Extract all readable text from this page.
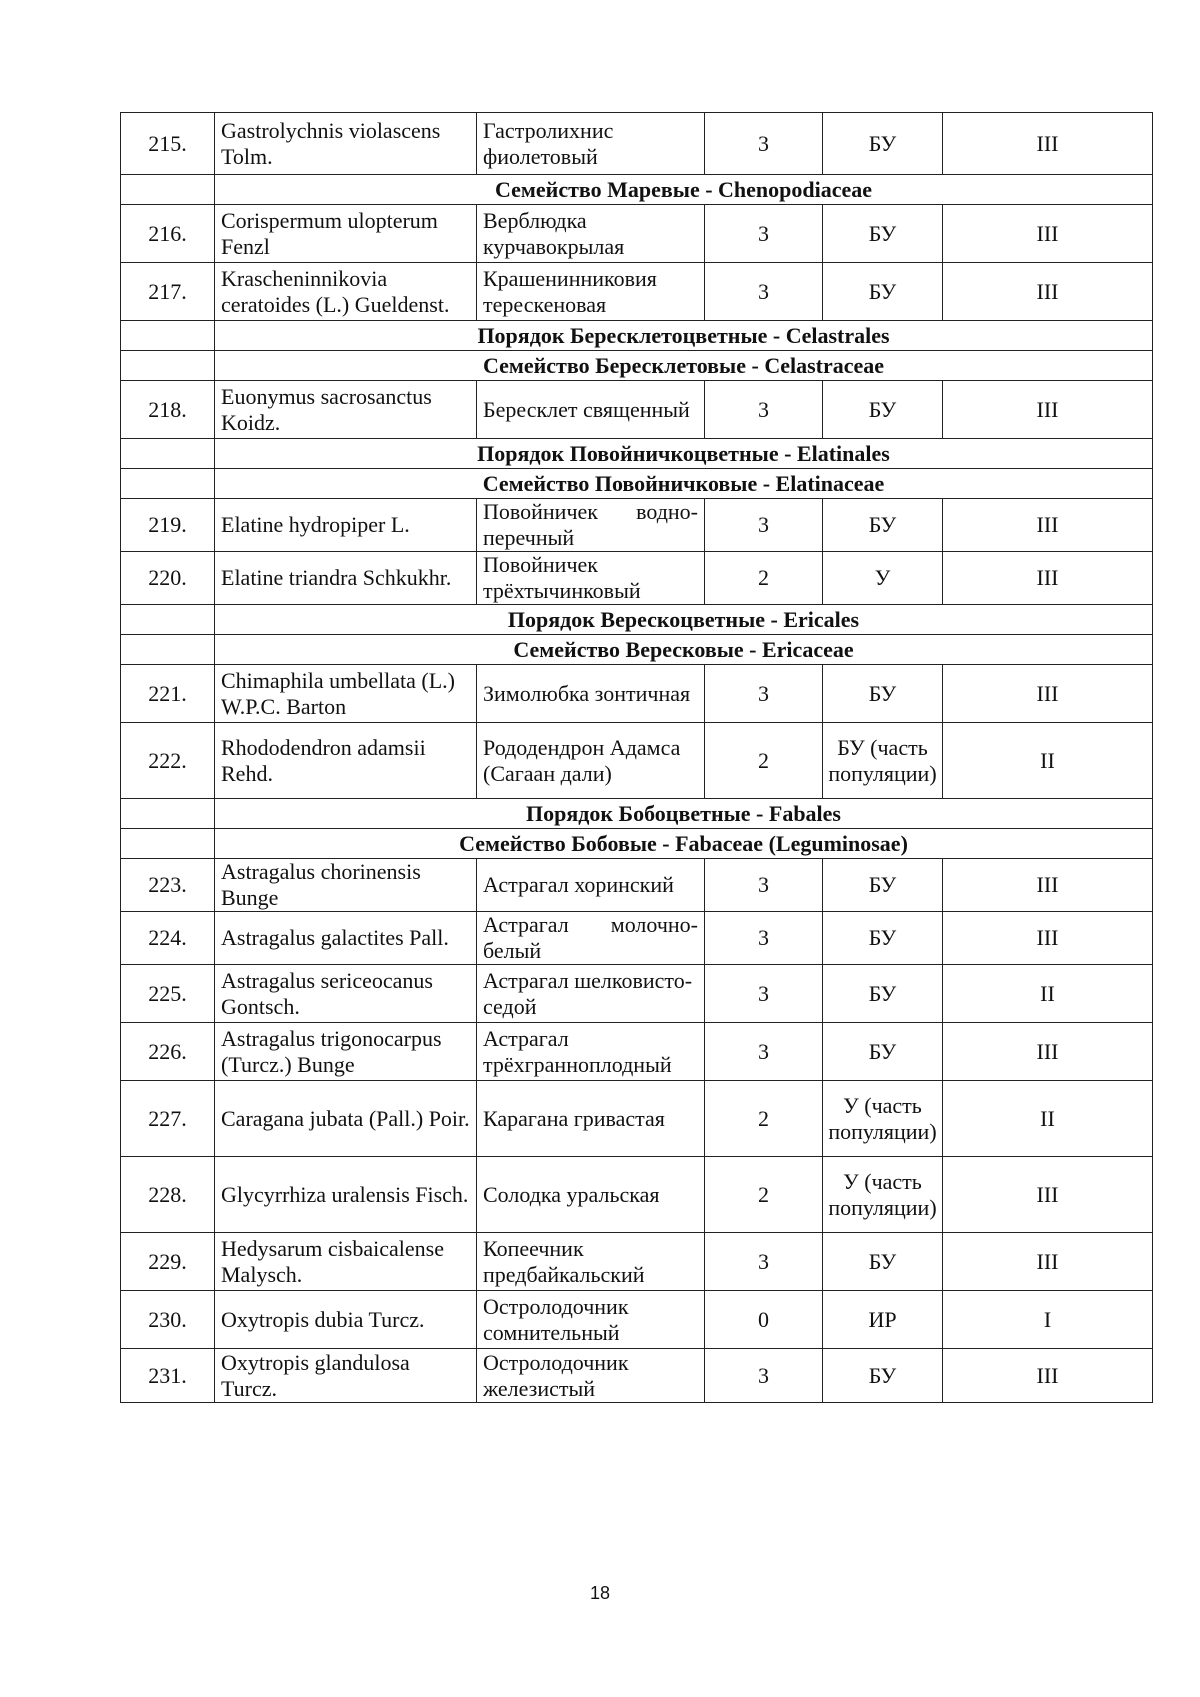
215.	Gastrolychnis violascens Tolm.	Гастролихнис фиолетовый	3	БУ	III
	Семейство Маревые - Chenopodiaceae				
216.	Corispermum ulopterum Fenzl	Верблюдка курчавокрылая	3	БУ	III
217.	Krascheninnikovia ceratoides (L.) Gueldenst.	Крашенинниковия терескеновая	3	БУ	III
	Порядок Бересклетоцветные - Celastrales				
	Семейство Бересклетовые - Celastraceae				
218.	Euonymus sacrosanctus Koidz.	Бересклет священный	3	БУ	III
	Порядок Повойничкоцветные - Elatinales				
	Семейство Повойничковые - Elatinaceae				
219.	Elatine hydropiper L.	Повойничек водно-перечный	3	БУ	III
220.	Elatine triandra Schkukhr.	Повойничек трёхтычинковый	2	У	III
	Порядок Верескоцветные - Ericales				
	Семейство Вересковые - Ericaceae				
221.	Chimaphila umbellata (L.) W.P.C. Barton	Зимолюбка зонтичная	3	БУ	III
222.	Rhododendron adamsii Rehd.	Рододендрон Адамса (Сагаан дали)	2	БУ (часть популяции)	II
	Порядок Бобоцветные - Fabales				
	Семейство Бобовые - Fabaceae (Leguminosae)				
223.	Astragalus chorinensis Bunge	Астрагал хоринский	3	БУ	III
224.	Astragalus galactites Pall.	Астрагал молочно-белый	3	БУ	III
225.	Astragalus sericeocanus Gontsch.	Астрагал шелковисто-седой	3	БУ	II
226.	Astragalus trigonocarpus (Turcz.) Bunge	Астрагал трёхгранноплодный	3	БУ	III
227.	Caragana jubata (Pall.) Poir.	Карагана гривастая	2	У (часть популяции)	II
228.	Glycyrrhiza uralensis Fisch.	Солодка уральская	2	У (часть популяции)	III
229.	Hedysarum cisbaicalense Malysch.	Копеечник предбайкальский	3	БУ	III
230.	Oxytropis dubia Turcz.	Остролодочник сомнительный	0	ИР	I
231.	Oxytropis glandulosa Turcz.	Остролодочник железистый	3	БУ	III
18
